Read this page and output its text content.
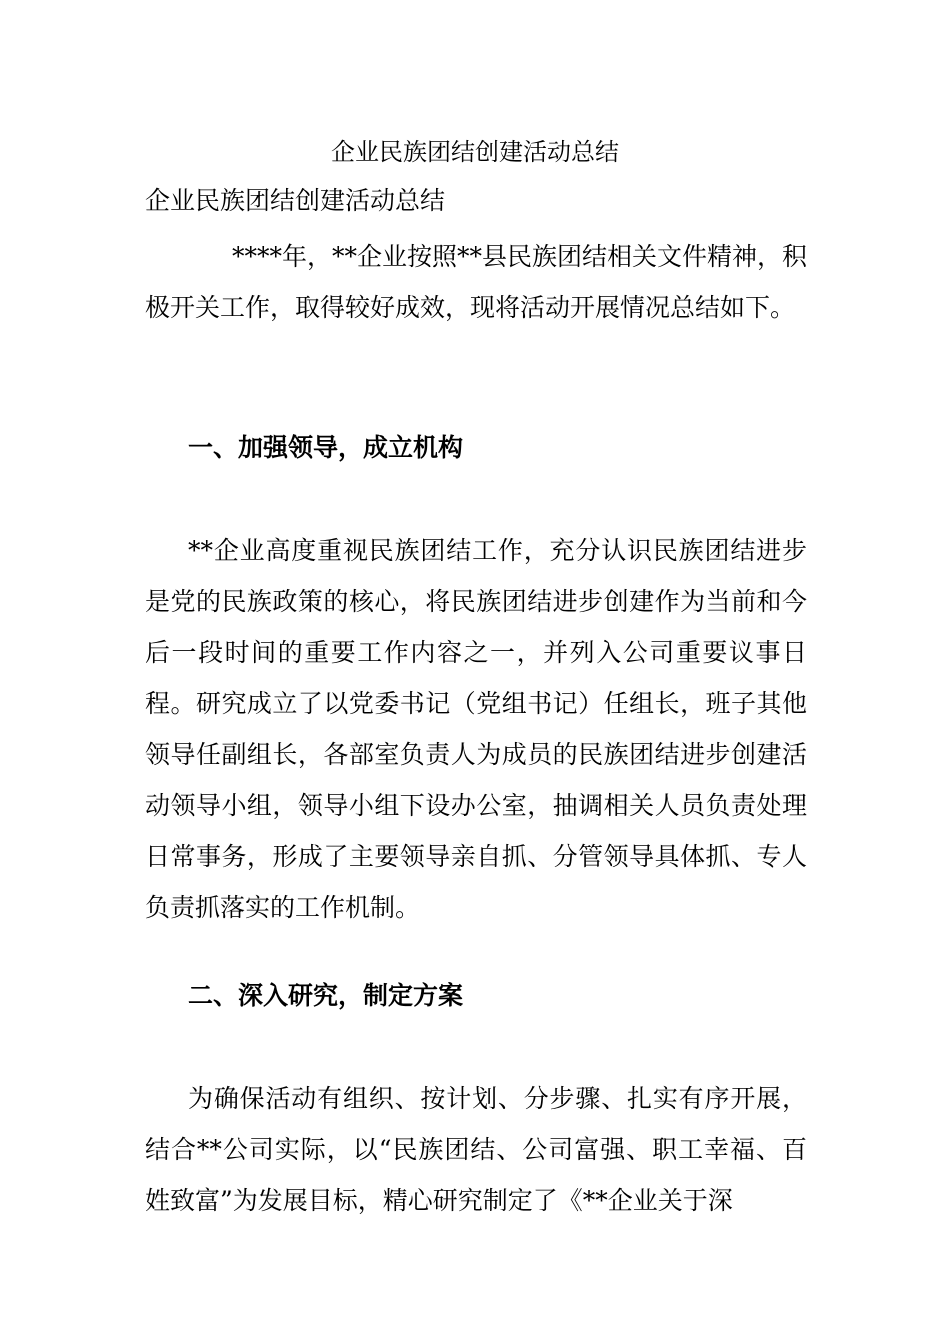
企业民族团结创建活动总结

企业民族团结创建活动总结

****年，**企业按照**县民族团结相关文件精神，积极开关工作，取得较好成效，现将活动开展情况总结如下。

一、加强领导，成立机构

**企业高度重视民族团结工作，充分认识民族团结进步是党的民族政策的核心，将民族团结进步创建作为当前和今后一段时间的重要工作内容之一，并列入公司重要议事日程。研究成立了以党委书记（党组书记）任组长，班子其他领导任副组长，各部室负责人为成员的民族团结进步创建活动领导小组，领导小组下设办公室，抽调相关人员负责处理日常事务，形成了主要领导亲自抓、分管领导具体抓、专人负责抓落实的工作机制。

二、深入研究，制定方案

为确保活动有组织、按计划、分步骤、扎实有序开展，结合**公司实际，以“民族团结、公司富强、职工幸福、百姓致富”为发展目标，精心研究制定了《**企业关于深
